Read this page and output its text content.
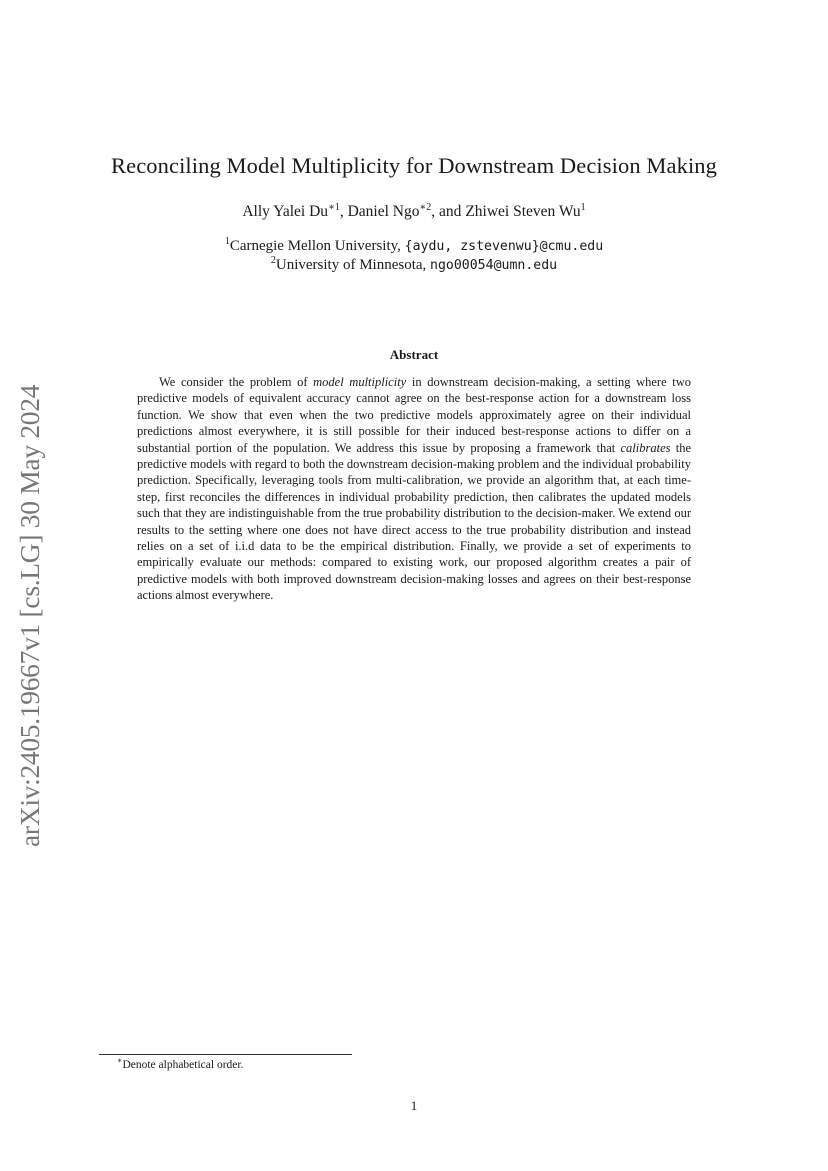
arXiv:2405.19667v1 [cs.LG] 30 May 2024
Reconciling Model Multiplicity for Downstream Decision Making
Ally Yalei $Du^{∗1}$, Daniel Ngo$^{∗2}$, and Zhiwei Steven Wu$^1$
$^1$Carnegie Mellon University, {aydu, zstevenwu}@cmu.edu
$^2$University of Minnesota, ngo00054@umn.edu
Abstract
We consider the problem of model multiplicity in downstream decision-making, a setting where two predictive models of equivalent accuracy cannot agree on the best-response action for a downstream loss function. We show that even when the two predictive models approximately agree on their individual predictions almost everywhere, it is still possible for their induced best-response actions to differ on a substantial portion of the population. We address this issue by proposing a framework that calibrates the predictive models with regard to both the downstream decision-making problem and the individual probability prediction. Specifically, leveraging tools from multi-calibration, we provide an algorithm that, at each time-step, first reconciles the differences in individual probability prediction, then calibrates the updated models such that they are indistinguishable from the true probability distribution to the decision-maker. We extend our results to the setting where one does not have direct access to the true probability distribution and instead relies on a set of i.i.d data to be the empirical distribution. Finally, we provide a set of experiments to empirically evaluate our methods: compared to existing work, our proposed algorithm creates a pair of predictive models with both improved downstream decision-making losses and agrees on their best-response actions almost everywhere.
∗Denote alphabetical order.
1
